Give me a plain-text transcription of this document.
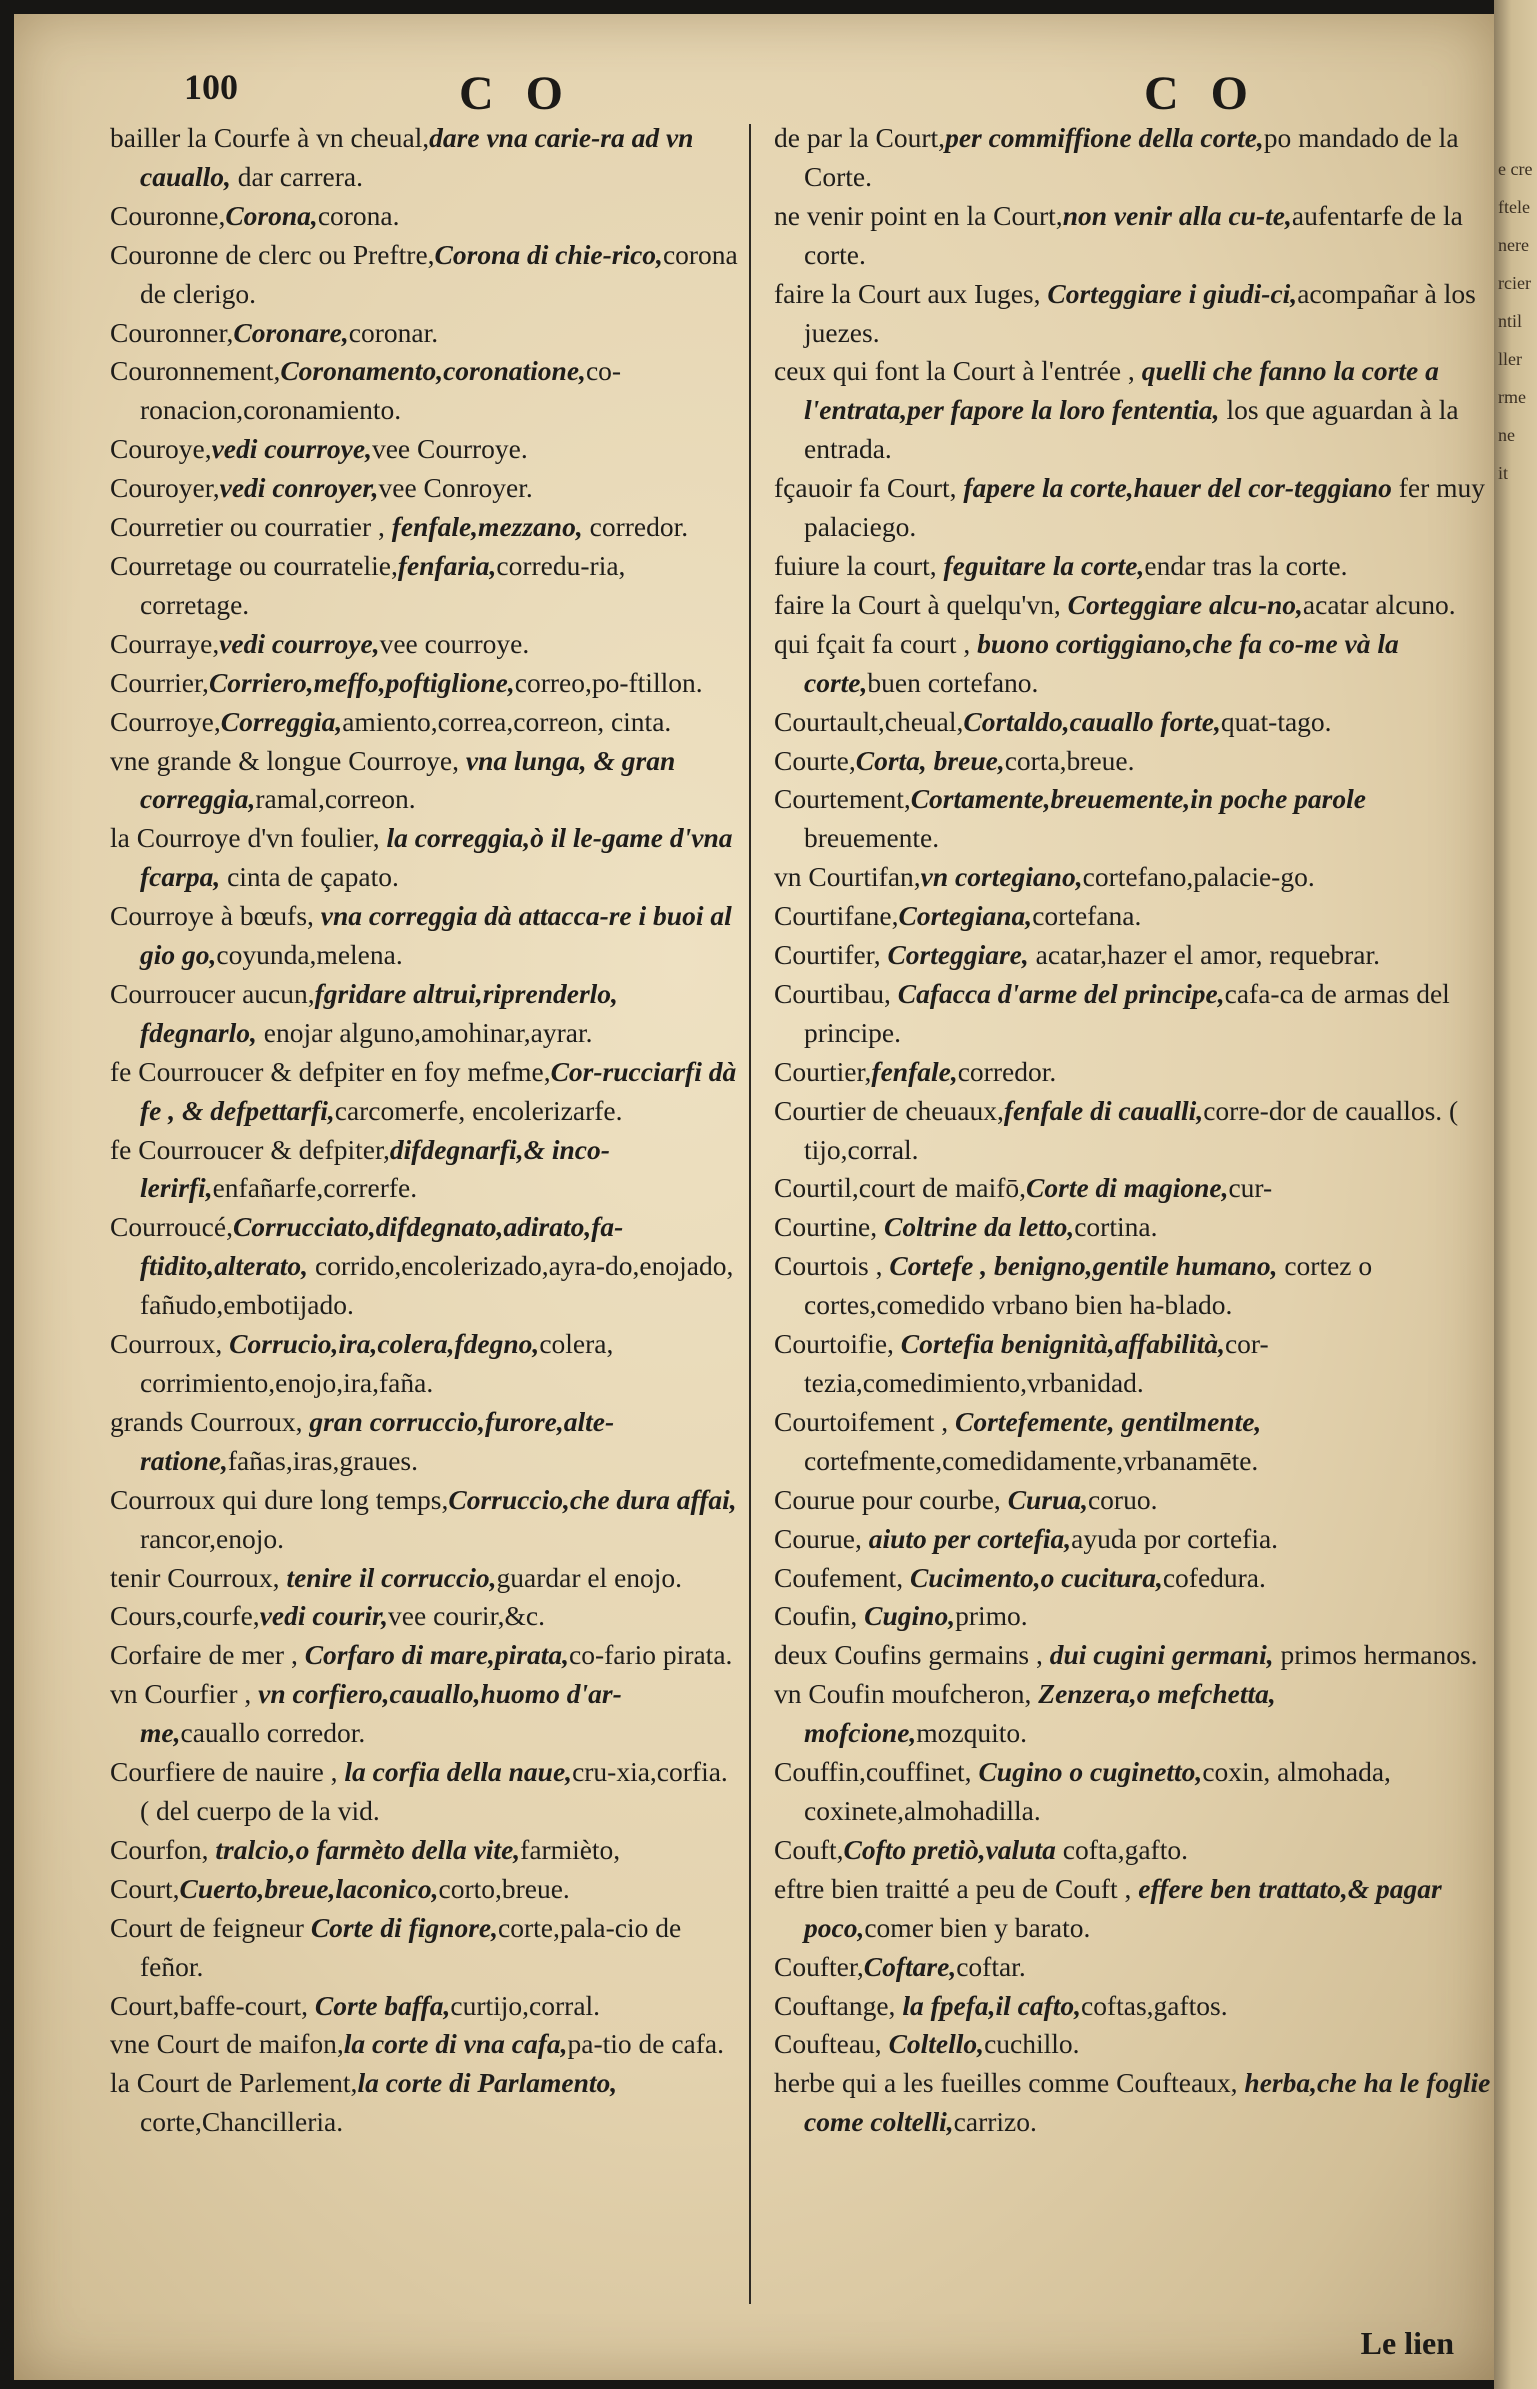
100	C O	C O

bailler la Courfe à vn cheual,dare vna carie-ra ad vn cauallo, dar carrera.

Couronne,Corona,corona.

Couronne de clerc ou Preftre,Corona di chie-rico,corona de clerigo.

Couronner,Coronare,coronar.

Couronnement,Coronamento,coronatione,co-ronacion,coronamiento.

Couroye,vedi courroye,vee Courroye.

Couroyer,vedi conroyer,vee Conroyer.

Courretier ou courratier , fenfale,mezzano, corredor.

Courretage ou courratelie,fenfaria,corredu-ria, corretage.

Courraye,vedi courroye,vee courroye.

Courrier,Corriero,meffo,poftiglione,correo,po-ftillon.

Courroye,Correggia,amiento,correa,correon, cinta.

vne grande & longue Courroye, vna lunga, & gran correggia,ramal,correon.

la Courroye d'vn foulier, la correggia,ò il le-game d'vna fcarpa, cinta de çapato.

Courroye à bœufs, vna correggia dà attacca-re i buoi al gio go,coyunda,melena.

Courroucer aucun,fgridare altrui,riprenderlo, fdegnarlo, enojar alguno,amohinar,ayrar.

fe Courroucer & defpiter en foy mefme,Cor-rucciarfi dà fe , & defpettarfi,carcomerfe, encolerizarfe.

fe Courroucer & defpiter,difdegnarfi,& inco-lerirfi,enfañarfe,correrfe.

Courroucé,Corrucciato,difdegnato,adirato,fa-ftidito,alterato, corrido,encolerizado,ayra-do,enojado, fañudo,embotijado.

Courroux, Corrucio,ira,colera,fdegno,colera, corrimiento,enojo,ira,faña.

grands Courroux, gran corruccio,furore,alte-ratione,fañas,iras,graues.

Courroux qui dure long temps,Corruccio,che dura affai, rancor,enojo.

tenir Courroux, tenire il corruccio,guardar el enojo.

Cours,courfe,vedi courir,vee courir,&c.

Corfaire de mer , Corfaro di mare,pirata,co-fario pirata.

vn Courfier , vn corfiero,cauallo,huomo d'ar-me,cauallo corredor.

Courfiere de nauire , la corfia della naue,cru-xia,corfia. ( del cuerpo de la vid.

Courfon, tralcio,o farmèto della vite,farmièto,

Court,Cuerto,breue,laconico,corto,breue.

Court de feigneur Corte di fignore,corte,pala-cio de feñor.

Court,baffe-court, Corte baffa,curtijo,corral.

vne Court de maifon,la corte di vna cafa,pa-tio de cafa.

la Court de Parlement,la corte di Parlamento, corte,Chancilleria.

de par la Court,per commiffione della corte,po mandado de la Corte.

ne venir point en la Court,non venir alla cu-te,aufentarfe de la corte.

faire la Court aux Iuges, Corteggiare i giudi-ci,acompañar à los juezes.

ceux qui font la Court à l'entrée , quelli che fanno la corte a l'entrata,per fapore la loro fententia, los que aguardan à la entrada.

fçauoir fa Court, fapere la corte,hauer del cor-teggiano fer muy palaciego.

fuiure la court, feguitare la corte,endar tras la corte.

faire la Court à quelqu'vn, Corteggiare alcu-no,acatar alcuno.

qui fçait fa court , buono cortiggiano,che fa co-me và la corte,buen cortefano.

Courtault,cheual,Cortaldo,cauallo forte,quat-tago.

Courte,Corta, breue,corta,breue.

Courtement,Cortamente,breuemente,in poche parole breuemente.

vn Courtifan,vn cortegiano,cortefano,palacie-go.

Courtifane,Cortegiana,cortefana.

Courtifer, Corteggiare, acatar,hazer el amor, requebrar.

Courtibau, Cafacca d'arme del principe,cafa-ca de armas del principe.

Courtier,fenfale,corredor.

Courtier de cheuaux,fenfale di caualli,corre-dor de cauallos. ( tijo,corral.

Courtil,court de maifō,Corte di magione,cur-

Courtine, Coltrine da letto,cortina.

Courtois , Cortefe , benigno,gentile humano, cortez o cortes,comedido vrbano bien ha-blado.

Courtoifie, Cortefia benignità,affabilità,cor-tezia,comedimiento,vrbanidad.

Courtoifement , Cortefemente, gentilmente, cortefmente,comedidamente,vrbanamēte.

Courue pour courbe, Curua,coruo.

Courue, aiuto per cortefia,ayuda por cortefia.

Coufement, Cucimento,o cucitura,cofedura.

Coufin, Cugino,primo.

deux Coufins germains , dui cugini germani, primos hermanos.

vn Coufin moufcheron, Zenzera,o mefchetta, mofcione,mozquito.

Couffin,couffinet, Cugino o cuginetto,coxin, almohada, coxinete,almohadilla.

Couft,Cofto pretiò,valuta cofta,gafto.

eftre bien traitté a peu de Couft , effere ben trattato,& pagar poco,comer bien y barato.

Coufter,Coftare,coftar.

Couftange, la fpefa,il cafto,coftas,gaftos.

Coufteau, Coltello,cuchillo.

herbe qui a les fueilles comme Coufteaux, herba,che ha le foglie come coltelli,carrizo.

Le lien
e cre
ftele
nere
rcier
ntil
ller
rme
ne
it
